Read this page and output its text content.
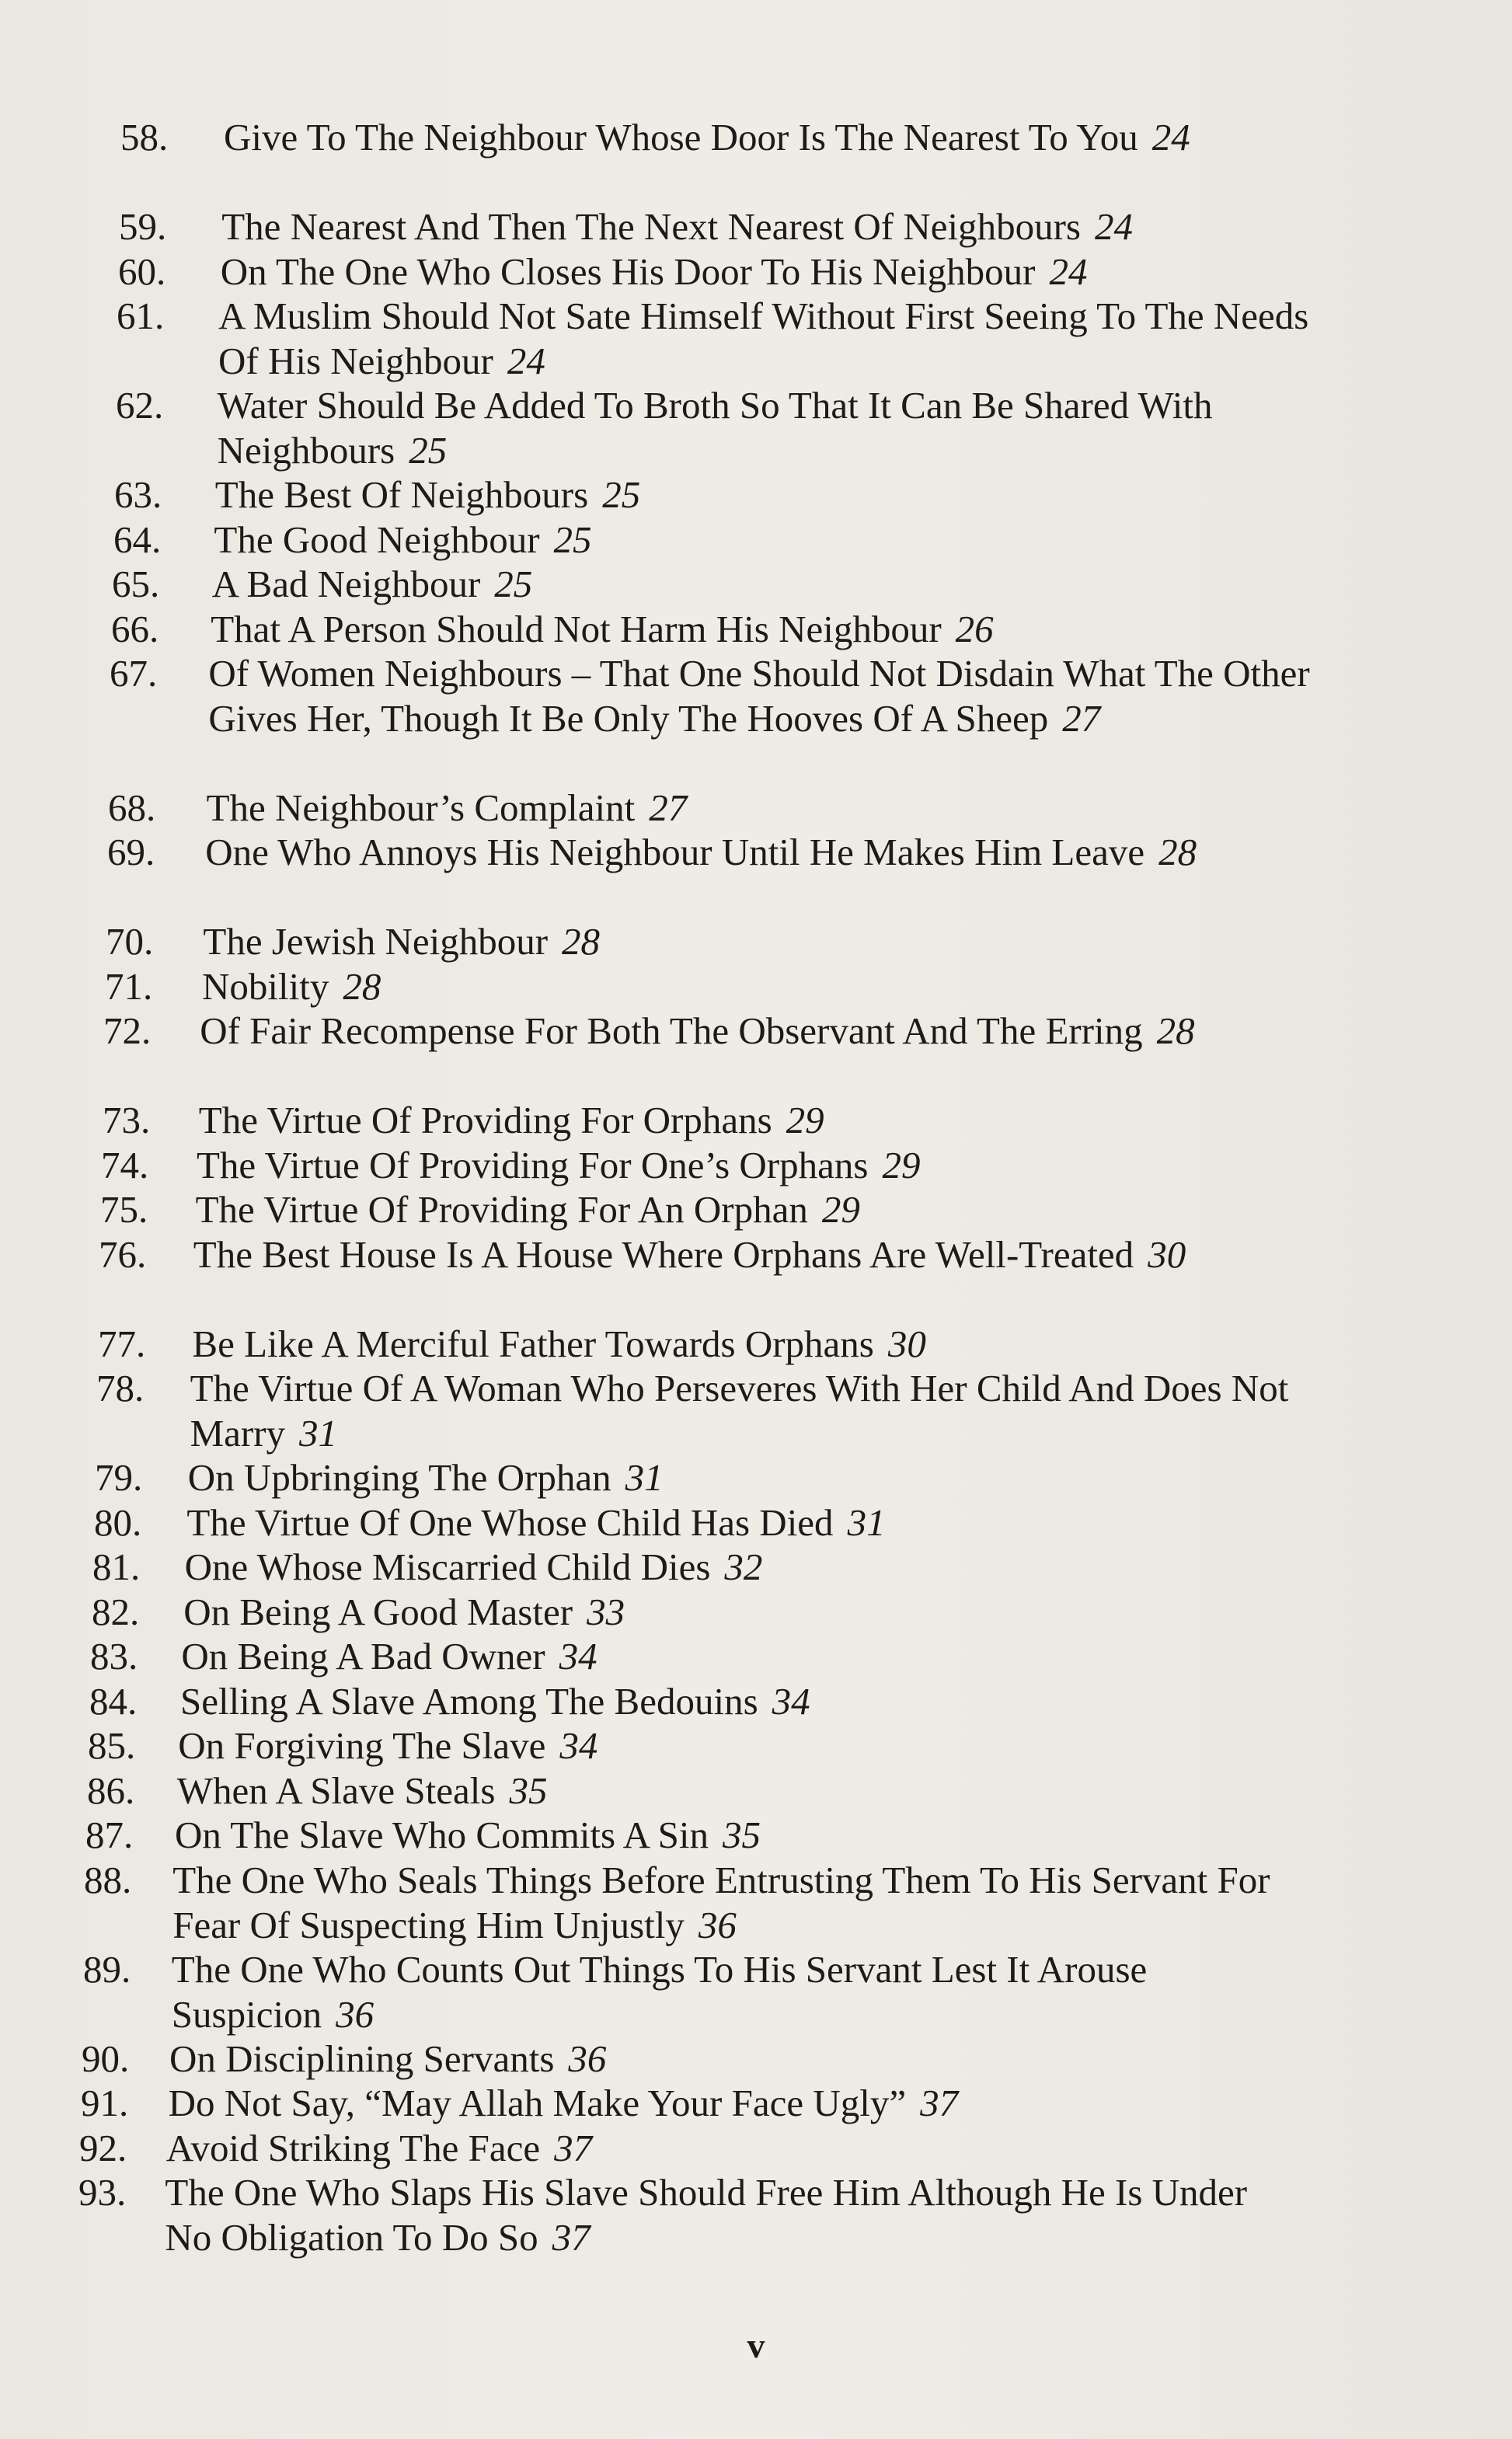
58. Give To The Neighbour Whose Door Is The Nearest To You 24
59. The Nearest And Then The Next Nearest Of Neighbours 24
60. On The One Who Closes His Door To His Neighbour 24
61. A Muslim Should Not Sate Himself Without First Seeing To The Needs Of His Neighbour 24
62. Water Should Be Added To Broth So That It Can Be Shared With Neighbours 25
63. The Best Of Neighbours 25
64. The Good Neighbour 25
65. A Bad Neighbour 25
66. That A Person Should Not Harm His Neighbour 26
67. Of Women Neighbours – That One Should Not Disdain What The Other Gives Her, Though It Be Only The Hooves Of A Sheep 27
68. The Neighbour’s Complaint 27
69. One Who Annoys His Neighbour Until He Makes Him Leave 28
70. The Jewish Neighbour 28
71. Nobility 28
72. Of Fair Recompense For Both The Observant And The Erring 28
73. The Virtue Of Providing For Orphans 29
74. The Virtue Of Providing For One’s Orphans 29
75. The Virtue Of Providing For An Orphan 29
76. The Best House Is A House Where Orphans Are Well-Treated 30
77. Be Like A Merciful Father Towards Orphans 30
78. The Virtue Of A Woman Who Perseveres With Her Child And Does Not Marry 31
79. On Upbringing The Orphan 31
80. The Virtue Of One Whose Child Has Died 31
81. One Whose Miscarried Child Dies 32
82. On Being A Good Master 33
83. On Being A Bad Owner 34
84. Selling A Slave Among The Bedouins 34
85. On Forgiving The Slave 34
86. When A Slave Steals 35
87. On The Slave Who Commits A Sin 35
88. The One Who Seals Things Before Entrusting Them To His Servant For Fear Of Suspecting Him Unjustly 36
89. The One Who Counts Out Things To His Servant Lest It Arouse Suspicion 36
90. On Disciplining Servants 36
91. Do Not Say, “May Allah Make Your Face Ugly” 37
92. Avoid Striking The Face 37
93. The One Who Slaps His Slave Should Free Him Although He Is Under No Obligation To Do So 37
v
